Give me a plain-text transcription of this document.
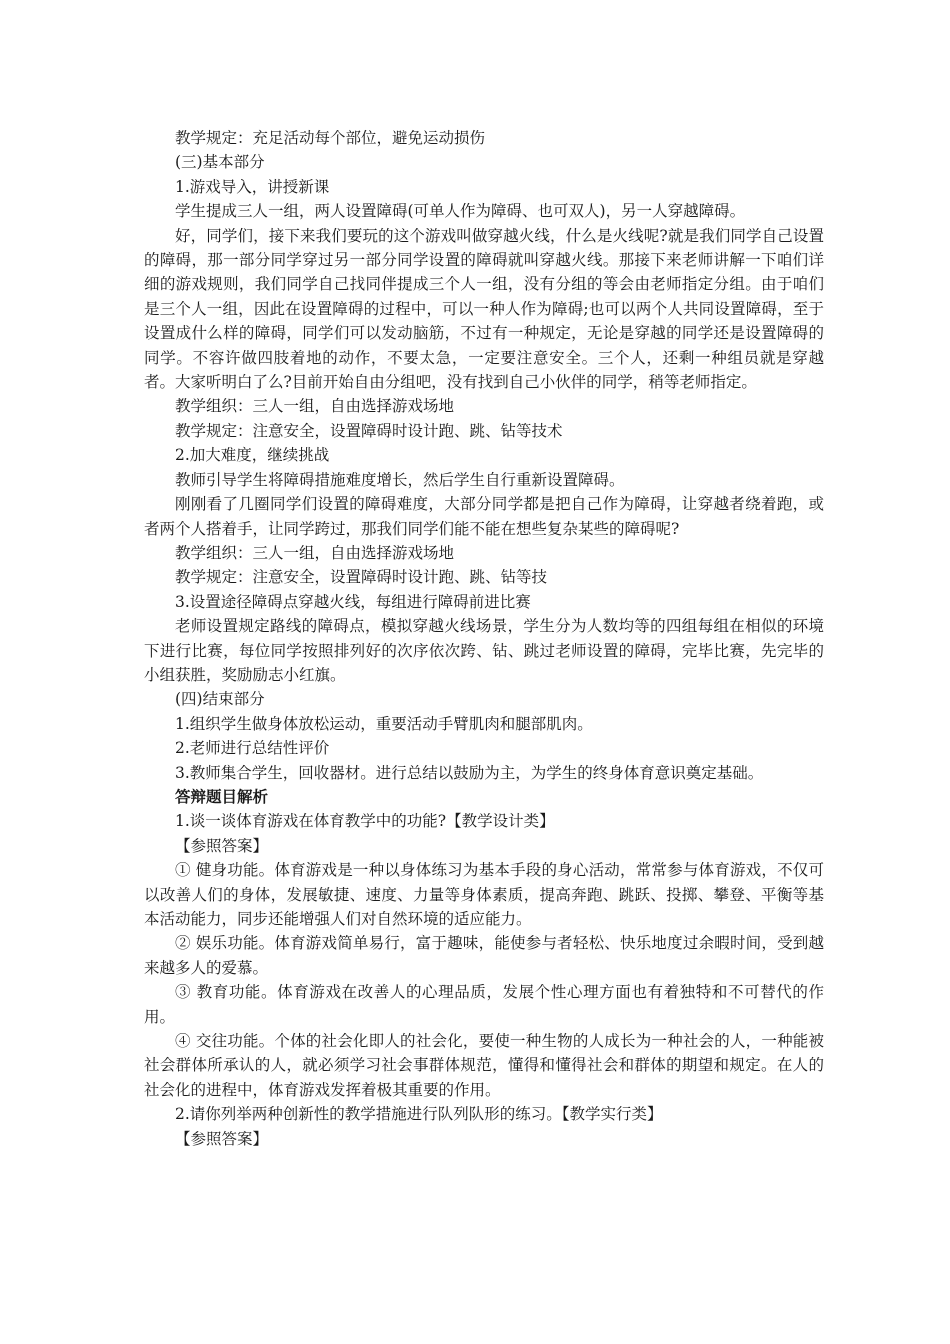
教学规定：充足活动每个部位，避免运动损伤

(三)基本部分

1.游戏导入，讲授新课

学生提成三人一组，两人设置障碍(可单人作为障碍、也可双人)，另一人穿越障碍。

好，同学们，接下来我们要玩的这个游戏叫做穿越火线，什么是火线呢?就是我们同学自己设置的障碍，那一部分同学穿过另一部分同学设置的障碍就叫穿越火线。那接下来老师讲解一下咱们详细的游戏规则，我们同学自己找同伴提成三个人一组，没有分组的等会由老师指定分组。由于咱们是三个人一组，因此在设置障碍的过程中，可以一种人作为障碍;也可以两个人共同设置障碍，至于设置成什么样的障碍，同学们可以发动脑筋，不过有一种规定，无论是穿越的同学还是设置障碍的同学。不容许做四肢着地的动作，不要太急，一定要注意安全。三个人，还剩一种组员就是穿越者。大家听明白了么?目前开始自由分组吧，没有找到自己小伙伴的同学，稍等老师指定。

教学组织：三人一组，自由选择游戏场地

教学规定：注意安全，设置障碍时设计跑、跳、钻等技术

2.加大难度，继续挑战

教师引导学生将障碍措施难度增长，然后学生自行重新设置障碍。

刚刚看了几圈同学们设置的障碍难度，大部分同学都是把自己作为障碍，让穿越者绕着跑，或者两个人搭着手，让同学跨过，那我们同学们能不能在想些复杂某些的障碍呢?

教学组织：三人一组，自由选择游戏场地

教学规定：注意安全，设置障碍时设计跑、跳、钻等技

3.设置途径障碍点穿越火线，每组进行障碍前进比赛

老师设置规定路线的障碍点，模拟穿越火线场景，学生分为人数均等的四组每组在相似的环境下进行比赛，每位同学按照排列好的次序依次跨、钻、跳过老师设置的障碍，完毕比赛，先完毕的小组获胜，奖励励志小红旗。

(四)结束部分

1.组织学生做身体放松运动，重要活动手臂肌肉和腿部肌肉。

2.老师进行总结性评价

3.教师集合学生，回收器材。进行总结以鼓励为主，为学生的终身体育意识奠定基础。

答辩题目解析

1.谈一谈体育游戏在体育教学中的功能?【教学设计类】

【参照答案】

① 健身功能。体育游戏是一种以身体练习为基本手段的身心活动，常常参与体育游戏，不仅可以改善人们的身体，发展敏捷、速度、力量等身体素质，提高奔跑、跳跃、投掷、攀登、平衡等基本活动能力，同步还能增强人们对自然环境的适应能力。

② 娱乐功能。体育游戏简单易行，富于趣味，能使参与者轻松、快乐地度过余暇时间，受到越来越多人的爱慕。

③ 教育功能。体育游戏在改善人的心理品质，发展个性心理方面也有着独特和不可替代的作用。

④ 交往功能。个体的社会化即人的社会化，要使一种生物的人成长为一种社会的人，一种能被社会群体所承认的人，就必须学习社会事群体规范，懂得和懂得社会和群体的期望和规定。在人的社会化的进程中，体育游戏发挥着极其重要的作用。

2.请你列举两种创新性的教学措施进行队列队形的练习。【教学实行类】

【参照答案】
